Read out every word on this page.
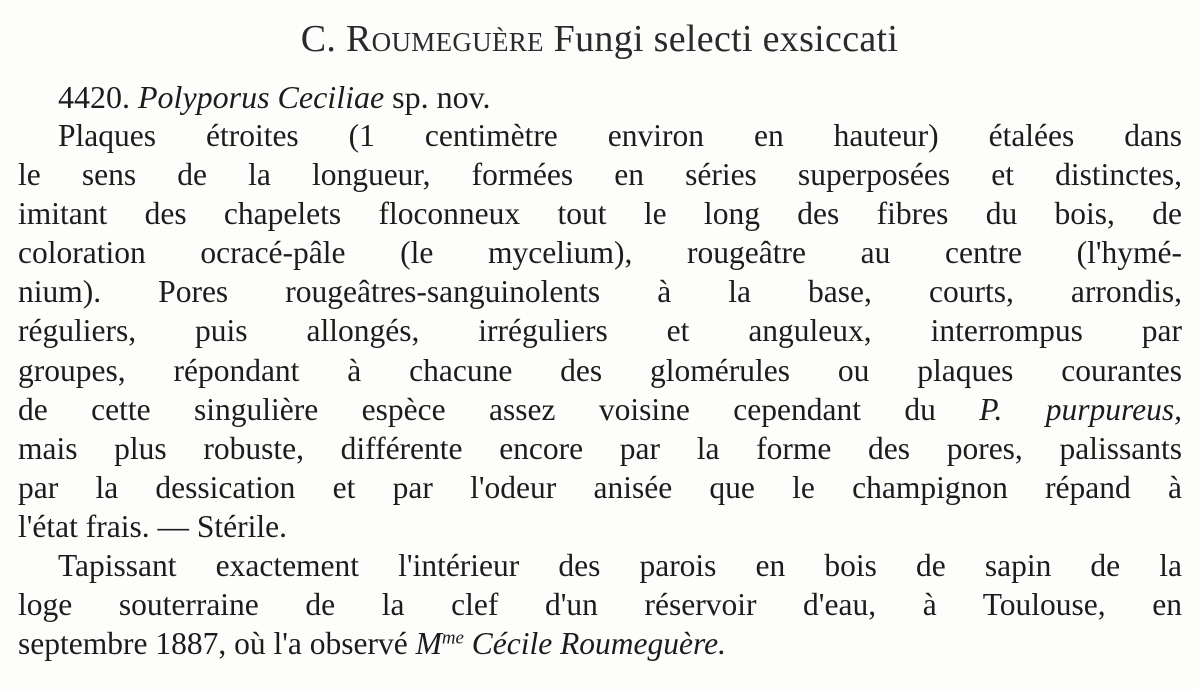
C. Roumeguère Fungi selecti exsiccati
4420. Polyporus Ceciliae sp. nov.
Plaques étroites (1 centimètre environ en hauteur) étalées dans
le sens de la longueur, formées en séries superposées et distinctes,
imitant des chapelets floconneux tout le long des fibres du bois, de
coloration ocracé-pâle (le mycelium), rougeâtre au centre (l'hymé-
nium). Pores rougeâtres-sanguinolents à la base, courts, arrondis,
réguliers, puis allongés, irréguliers et anguleux, interrompus par
groupes, répondant à chacune des glomérules ou plaques courantes
de cette singulière espèce assez voisine cependant du P. purpureus,
mais plus robuste, différente encore par la forme des pores, palissants
par la dessication et par l'odeur anisée que le champignon répand à
l'état frais. — Stérile.
Tapissant exactement l'intérieur des parois en bois de sapin de la
loge souterraine de la clef d'un réservoir d'eau, à Toulouse, en
septembre 1887, où l'a observé $M^{me}$ Cécile Roumeguère.
